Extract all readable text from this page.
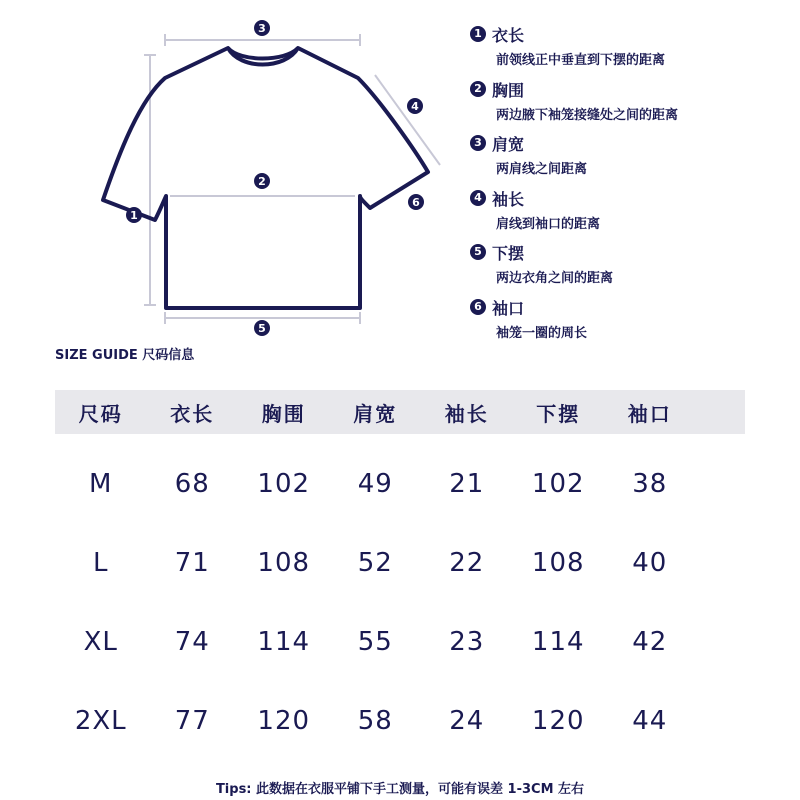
3
4
2
6
1
5
1 衣长
前领线正中垂直到下摆的距离
2 胸围
两边腋下袖笼接缝处之间的距离
3 肩宽
两肩线之间距离
4 袖长
肩线到袖口的距离
5 下摆
两边衣角之间的距离
6 袖口
袖笼一圈的周长
SIZE GUIDE 尺码信息
尺码	衣长	胸围	肩宽	袖长	下摆	袖口
M	68	102	49	21	102	38
L	71	108	52	22	108	40
XL	74	114	55	23	114	42
2XL	77	120	58	24	120	44
Tips: 此数据在衣服平铺下手工测量，可能有误差 1-3CM 左右
